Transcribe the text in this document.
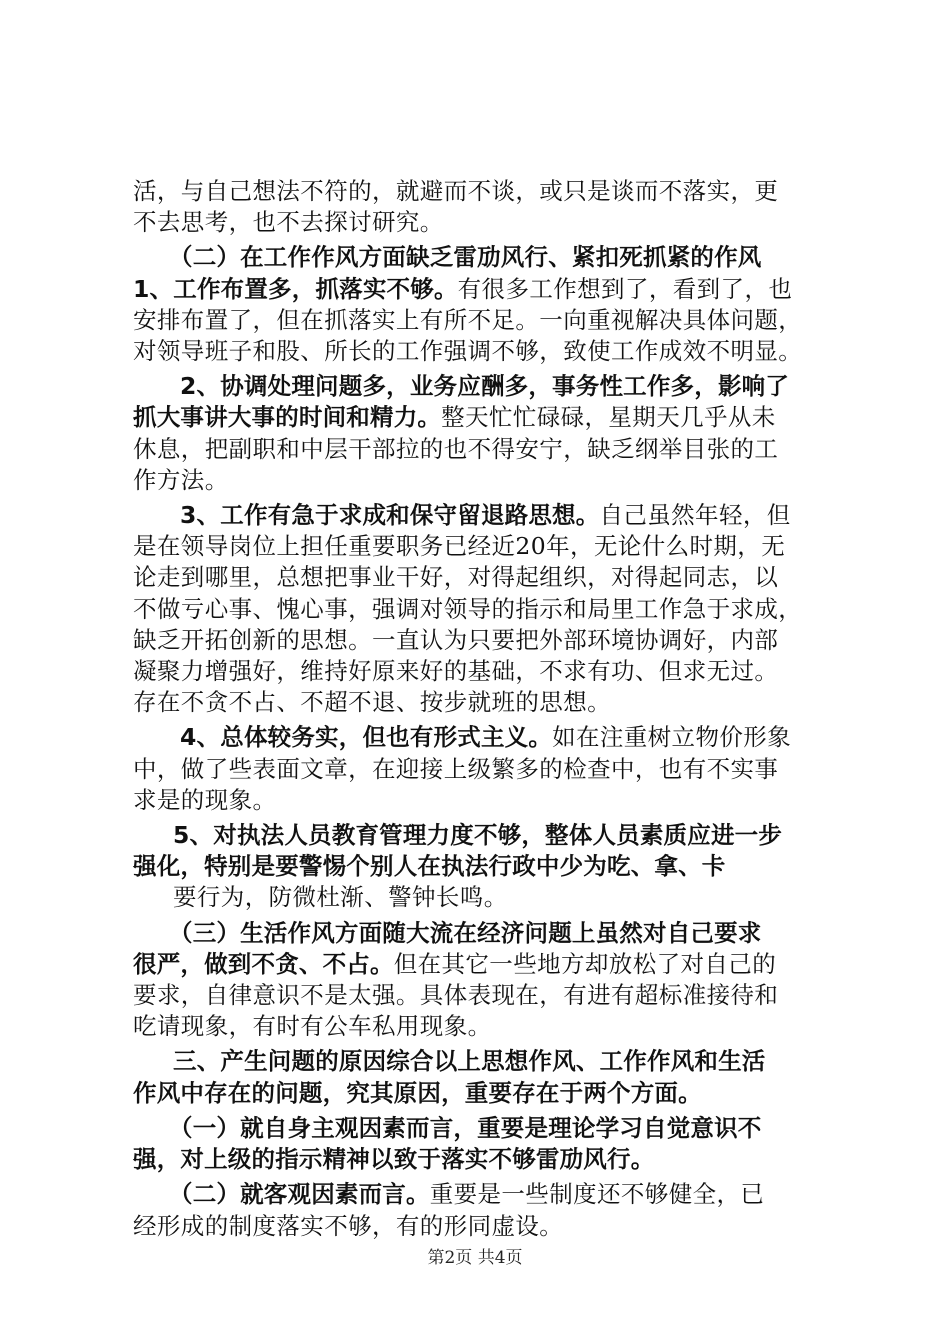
活，与自己想法不符的，就避而不谈，或只是谈而不落实，更
不去思考，也不去探讨研究。
（二）在工作作风方面缺乏雷劢风行、紧扣死抓紧的作风
1、工作布置多，抓落实不够。有很多工作想到了，看到了，也
安排布置了，但在抓落实上有所不足。一向重视解决具体问题，
对领导班子和股、所长的工作强调不够，致使工作成效不明显。
2、协调处理问题多，业务应酬多，事务性工作多，影响了
抓大事讲大事的时间和精力。整天忙忙碌碌，星期天几乎从未
休息，把副职和中层干部拉的也不得安宁，缺乏纲举目张的工
作方法。
3、工作有急于求成和保守留退路思想。自己虽然年轻，但
是在领导岗位上担任重要职务已经近20年，无论什么时期，无
论走到哪里，总想把事业干好，对得起组织，对得起同志，以
不做亏心事、愧心事，强调对领导的指示和局里工作急于求成，
缺乏开拓创新的思想。一直认为只要把外部环境协调好，内部
凝聚力增强好，维持好原来好的基础，不求有功、但求无过。
存在不贪不占、不超不退、按步就班的思想。
4、总体较务实，但也有形式主义。如在注重树立物价形象
中，做了些表面文章，在迎接上级繁多的检查中，也有不实事
求是的现象。
5、对执法人员教育管理力度不够，整体人员素质应进一步
强化，特别是要警惕个别人在执法行政中少为吃、拿、卡
要行为，防微杜渐、警钟长鸣。
（三）生活作风方面随大流在经济问题上虽然对自己要求
很严，做到不贪、不占。但在其它一些地方却放松了对自己的
要求，自律意识不是太强。具体表现在，有进有超标准接待和
吃请现象，有时有公车私用现象。
三、产生问题的原因综合以上思想作风、工作作风和生活
作风中存在的问题，究其原因，重要存在于两个方面。
（一）就自身主观因素而言，重要是理论学习自觉意识不
强，对上级的指示精神以致于落实不够雷劢风行。
（二）就客观因素而言。重要是一些制度还不够健全，已
经形成的制度落实不够，有的形同虚设。
第2页 共4页
